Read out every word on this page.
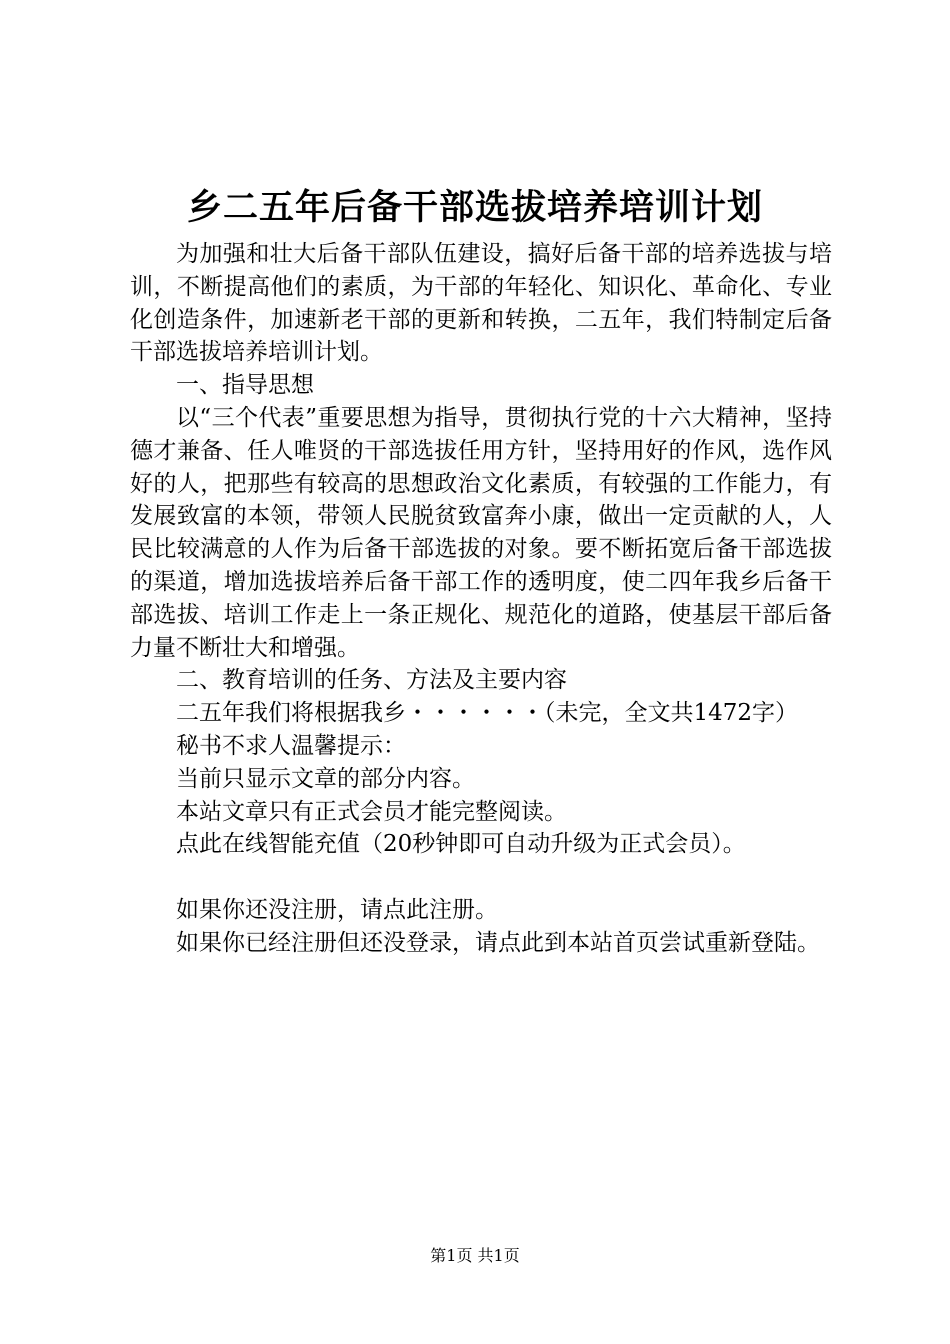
乡二五年后备干部选拔培养培训计划

为加强和壮大后备干部队伍建设，搞好后备干部的培养选拔与培训，不断提高他们的素质，为干部的年轻化、知识化、革命化、专业化创造条件，加速新老干部的更新和转换，二五年，我们特制定后备干部选拔培养培训计划。

一、指导思想

以“三个代表”重要思想为指导，贯彻执行党的十六大精神，坚持德才兼备、任人唯贤的干部选拔任用方针，坚持用好的作风，选作风好的人，把那些有较高的思想政治文化素质，有较强的工作能力，有发展致富的本领，带领人民脱贫致富奔小康，做出一定贡献的人，人民比较满意的人作为后备干部选拔的对象。要不断拓宽后备干部选拔的渠道，增加选拔培养后备干部工作的透明度，使二四年我乡后备干部选拔、培训工作走上一条正规化、规范化的道路，使基层干部后备力量不断壮大和增强。

二、教育培训的任务、方法及主要内容

二五年我们将根据我乡・・・・・・（未完，全文共1472字）

秘书不求人温馨提示：

当前只显示文章的部分内容。

本站文章只有正式会员才能完整阅读。

点此在线智能充值（20秒钟即可自动升级为正式会员）。

如果你还没注册，请点此注册。

如果你已经注册但还没登录，请点此到本站首页尝试重新登陆。

第1页 共1页
